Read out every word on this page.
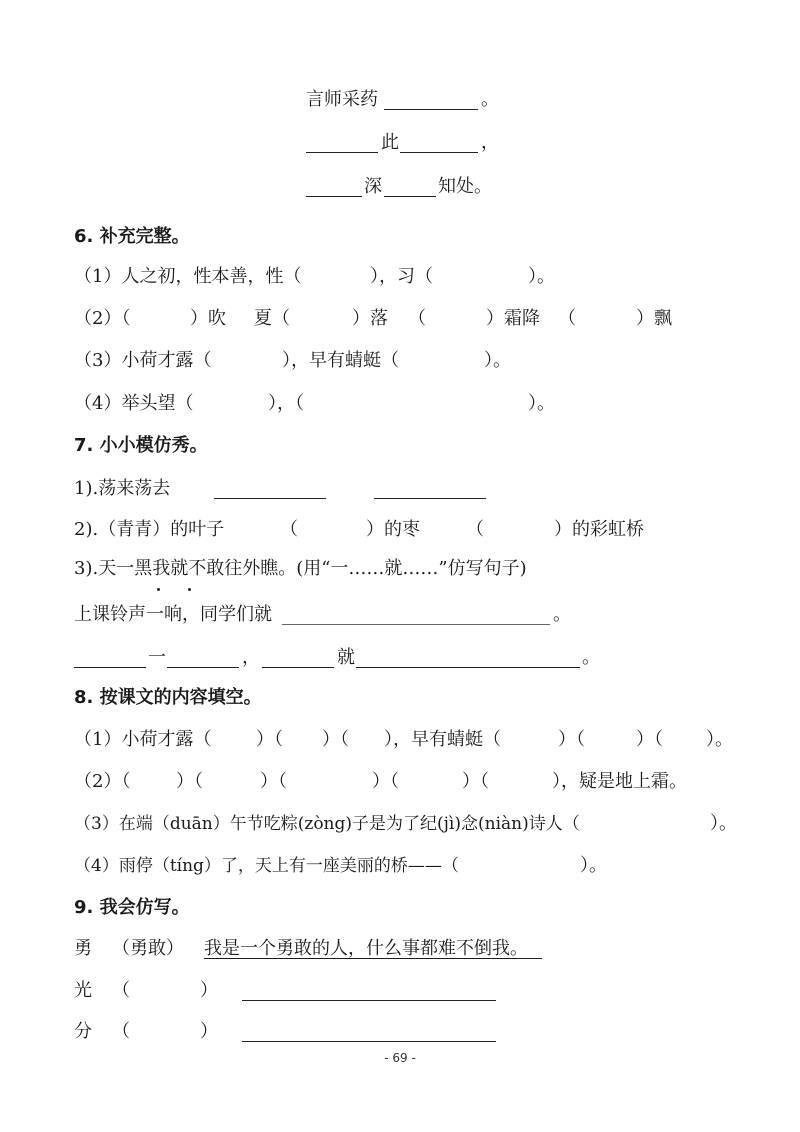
言师采药	。
此	，
深	知处。
6. 补充完整。
（1）人之初，性本善，性（	），习（	）。
（2）（	）吹 夏（	）落 （	）霜降 （	）飘
（3）小荷才露（	），早有蜻蜓（	）。
（4）举头望（	），（	）。
7. 小小模仿秀。
1).荡来荡去
2).（青青）的叶子	（	）的枣	（	）的彩虹桥
3).天一黑我就不敢往外瞧。(用“一……就……”仿写句子)
上课铃声一响，同学们就	。
一	，	就	。
8. 按课文的内容填空。
（1）小荷才露（ ）（ ）（ ），早有蜻蜓（	）（	）（ ）。
（2）（	）（	）（	）（	）（	），疑是地上霜。
（3）在端（duān）午节吃粽(zòng)子是为了纪(jì)念(niàn)诗人（	）。
（4）雨停（tíng）了，天上有一座美丽的桥——（	）。
9. 我会仿写。
勇 （勇敢） 我是一个勇敢的人，什么事都难不倒我。
光 （	）
分 （	）
- 69 -
